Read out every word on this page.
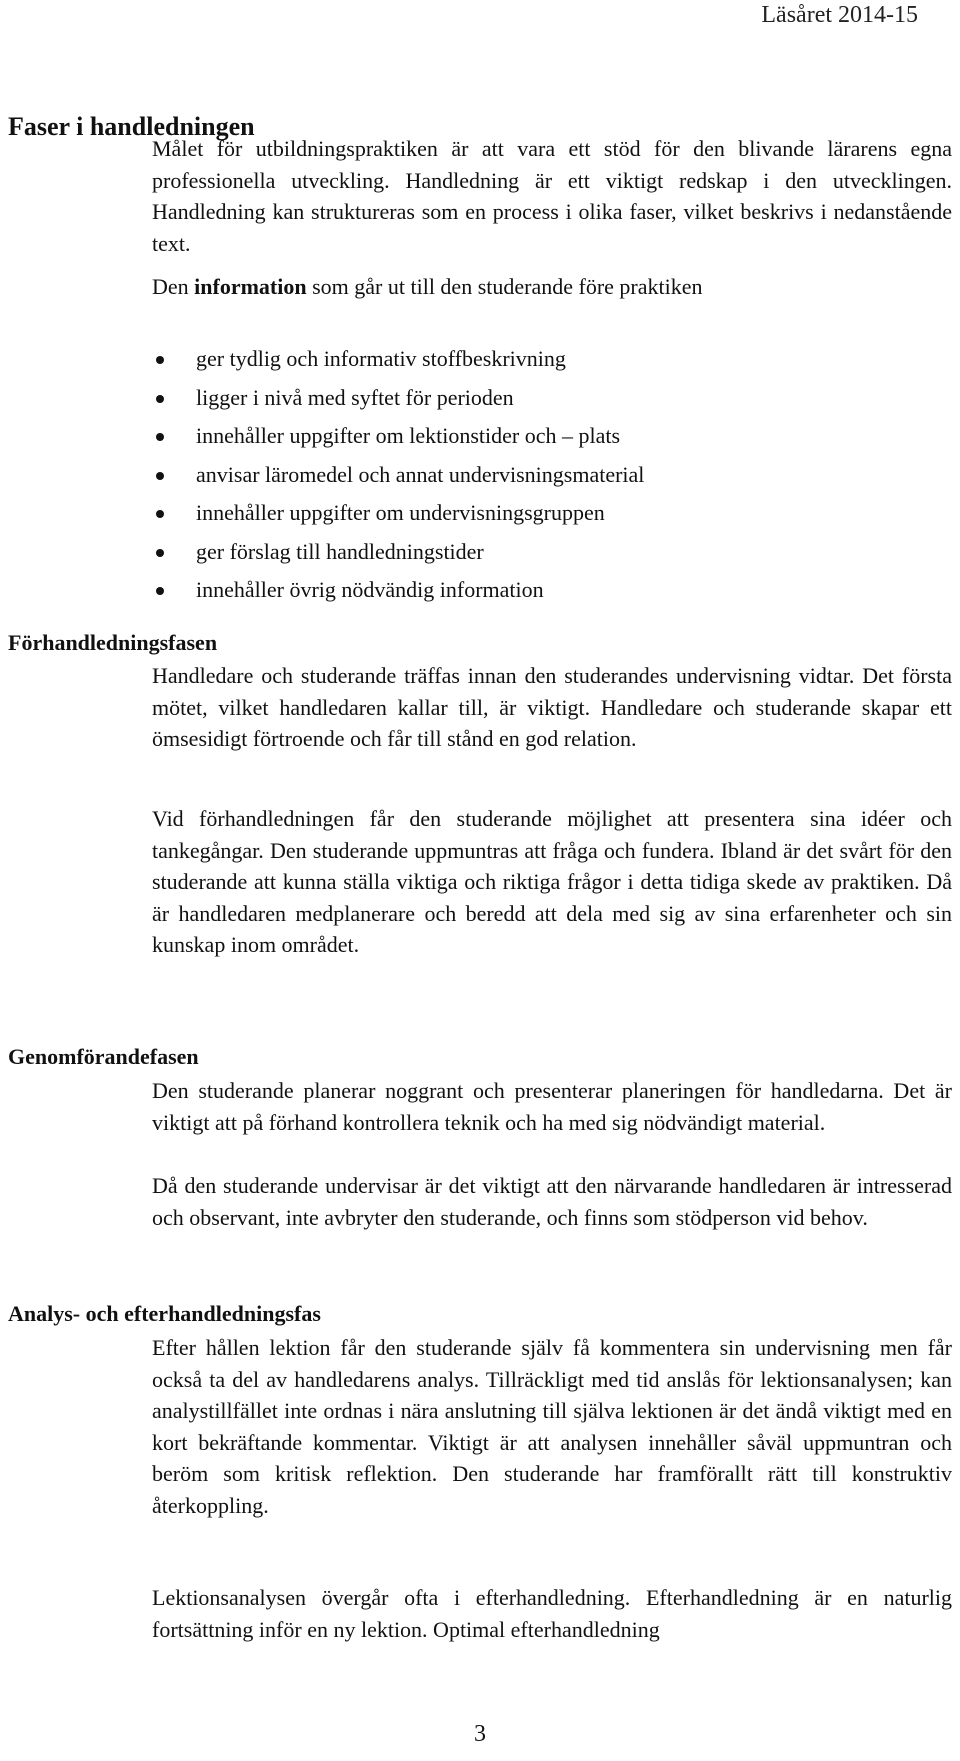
Läsåret 2014-15
Faser i handledningen

Målet för utbildningspraktiken är att vara ett stöd för den blivande lärarens egna professionella utveckling. Handledning är ett viktigt redskap i den utvecklingen. Handledning kan struktureras som en process i olika faser, vilket beskrivs i nedanstående text.

Den information som går ut till den studerande före praktiken

ger tydlig och informativ stoffbeskrivning
ligger i nivå med syftet för perioden
innehåller uppgifter om lektionstider och – plats
anvisar läromedel och annat undervisningsmaterial
innehåller uppgifter om undervisningsgruppen
ger förslag till handledningstider
innehåller övrig nödvändig information
Förhandledningsfasen

Handledare och studerande träffas innan den studerandes undervisning vidtar. Det första mötet, vilket handledaren kallar till, är viktigt. Handledare och studerande skapar ett ömsesidigt förtroende och får till stånd en god relation.

Vid förhandledningen får den studerande möjlighet att presentera sina idéer och tankegångar. Den studerande uppmuntras att fråga och fundera. Ibland är det svårt för den studerande att kunna ställa viktiga och riktiga frågor i detta tidiga skede av praktiken. Då är handledaren medplanerare och beredd att dela med sig av sina erfarenheter och sin kunskap inom området.

Genomförandefasen

Den studerande planerar noggrant och presenterar planeringen för handledarna. Det är viktigt att på förhand kontrollera teknik och ha med sig nödvändigt material.

Då den studerande undervisar är det viktigt att den närvarande handledaren är intresserad och observant, inte avbryter den studerande, och finns som stödperson vid behov.

Analys- och efterhandledningsfas

Efter hållen lektion får den studerande själv få kommentera sin undervisning men får också ta del av handledarens analys. Tillräckligt med tid anslås för lektionsanalysen; kan analystillfället inte ordnas i nära anslutning till själva lektionen är det ändå viktigt med en kort bekräftande kommentar. Viktigt är att analysen innehåller såväl uppmuntran och beröm som kritisk reflektion. Den studerande har framförallt rätt till konstruktiv återkoppling.

Lektionsanalysen övergår ofta i efterhandledning. Efterhandledning är en naturlig fortsättning inför en ny lektion. Optimal efterhandledning

3
